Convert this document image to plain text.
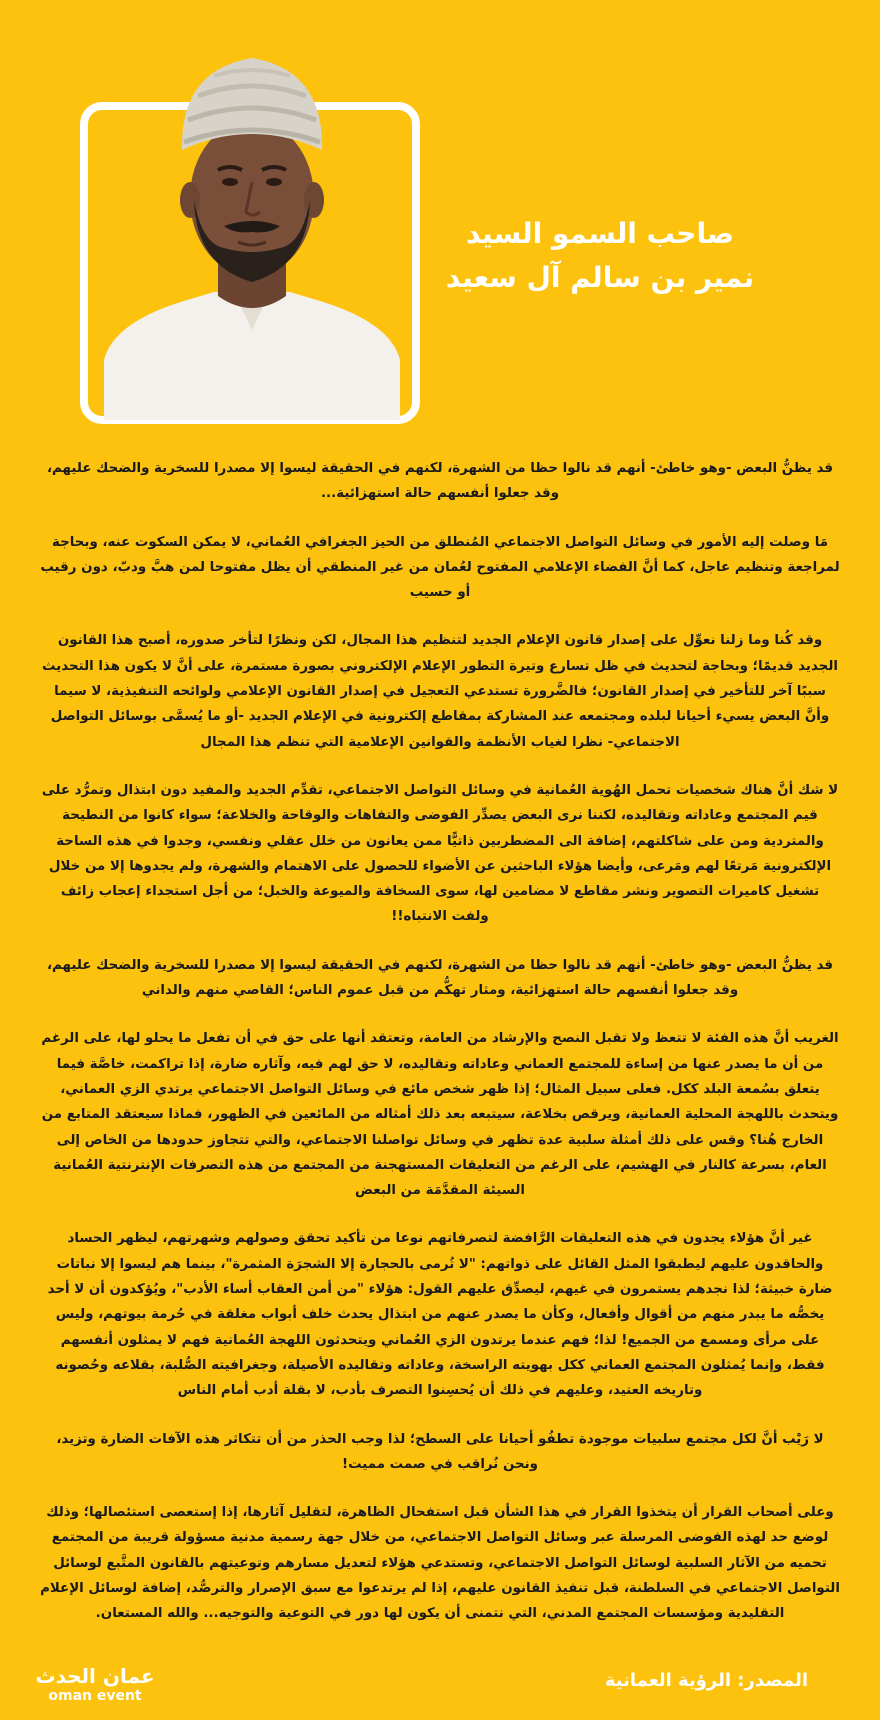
صاحب السمو السيد
نمير بن سالم آل سعيد

قد يظنُّ البعض -وهو خاطئ- أنهم قد نالوا حظا من الشهرة، لكنهم في الحقيقة ليسوا إلا مصدرا للسخرية والضحك عليهم، وقد جعلوا أنفسهم حالة استهزائية...

مَا وصلت إليه الأمور في وسائل التواصل الاجتماعي المُنطلق من الحيز الجغرافي العُماني، لا يمكن السكوت عنه، وبحاجة لمراجعة وتنظيم عاجل، كما أنَّ الفضاء الإعلامي المفتوح لعُمان من غير المنطقي أن يظل مفتوحا لمن هبَّ ودبّ، دون رقيب أو حسيب

وقد كُنا وما زلنا نعوِّل على إصدار قانون الإعلام الجديد لتنظيم هذا المجال، لكن ونظرًا لتأخر صدوره، أصبح هذا القانون الجديد قديمًا؛ وبحاجة لتحديث في ظل تسارع وتيرة التطور الإعلام الإلكتروني بصورة مستمرة، على أنَّ لا يكون هذا التحديث سببًا آخر للتأخير في إصدار القانون؛ فالضَّرورة تستدعي التعجيل في إصدار القانون الإعلامي ولوائحه التنفيذية، لا سيما وأنَّ البعض يسيء أحيانا لبلده ومجتمعه عند المشاركة بمقاطع إلكترونية في الإعلام الجديد -أو ما يُسمَّى بوسائل التواصل الاجتماعي- نظرا لغياب الأنظمة والقوانين الإعلامية التي تنظم هذا المجال

لا شك أنَّ هناك شخصيات تحمل الهُوية العُمانية في وسائل التواصل الاجتماعي، تقدِّم الجديد والمفيد دون ابتذال وتمرُّد على قيم المجتمع وعاداته وتقاليده، لكننا نرى البعض يصدِّر الفوضى والتفاهات والوقاحة والخلاعة؛ سواء كانوا من النطيحة والمتردية ومن على شاكلتهم، إضافة الى المضطربين ذاتيًّا ممن يعانون من خلل عقلي ونفسي، وجدوا في هذه الساحة الإلكترونية مَرتعًا لهم ومَرعى، وأيضا هؤلاء الباحثين عن الأضواء للحصول على الاهتمام والشهرة، ولم يجدوها إلا من خلال تشغيل كاميرات التصوير ونشر مقاطع لا مضامين لها، سوى السخافة والميوعة والخبل؛ من أجل استجداء إعجاب زائف ولفت الانتباه!!

قد يظنُّ البعض -وهو خاطئ- أنهم قد نالوا حظا من الشهرة، لكنهم في الحقيقة ليسوا إلا مصدرا للسخرية والضحك عليهم، وقد جعلوا أنفسهم حالة استهزائية، ومثار تهكُّم من قبل عموم الناس؛ القاصي منهم والداني

الغريب أنَّ هذه الفئة لا تتعظ ولا تقبل النصح والإرشاد من العامة، وتعتقد أنها على حق في أن تفعل ما يحلو لها، على الرغم من أن ما يصدر عنها من إساءة للمجتمع العماني وعاداته وتقاليده، لا حق لهم فيه، وآثاره ضارة، إذا تراكمت، خاصَّة فيما يتعلق بسُمعة البلد ككل. فعلى سبيل المثال؛ إذا ظهر شخص مائع في وسائل التواصل الاجتماعي يرتدي الزي العماني، ويتحدث باللهجة المحلية العمانية، ويرقص بخلاعة، سيتبعه بعد ذلك أمثاله من المائعين في الظهور، فماذا سيعتقد المتابع من الخارج هُنا؟ وقس على ذلك أمثلة سلبية عدة تظهر في وسائل تواصلنا الاجتماعي، والتي تتجاوز حدودها من الخاص إلى العام، بسرعة كالنار في الهشيم، على الرغم من التعليقات المستهجنة من المجتمع من هذه التصرفات الإنترنتية العُمانية السيئة المقدَّمَة من البعض

غير أنَّ هؤلاء يجدون في هذه التعليقات الرَّافضة لتصرفاتهم نوعا من تأكيد تحقق وصولهم وشهرتهم، ليظهر الحساد والحاقدون عليهم ليطبقوا المثل القائل على ذواتهم: "لا تُرمى بالحجارة إلا الشجرَة المثمرة"، بينما هم ليسوا إلا نباتات ضارة خبيثة؛ لذا نجدهم يستمرون في غيهم، ليصدِّق عليهم القول: هؤلاء "من أمن العقاب أساء الأدب"، ويُؤكدون أن لا أحد يخصُّه ما يبدر منهم من أقوال وأفعال، وكأن ما يصدر عنهم من ابتذال يحدث خلف أبواب مغلقة في حُرمة بيوتهم، وليس على مرأى ومسمع من الجميع! لذا؛ فهم عندما يرتدون الزي العُماني ويتحدثون اللهجة العُمانية فهم لا يمثلون أنفسهم فقط، وإنما يُمثلون المجتمع العماني ككل بهويته الراسخة، وعاداته وتقاليده الأصيلة، وجغرافيته الصُّلبة، بقلاعه وحُصونه وتاريخه العتيد، وعليهم في ذلك أن يُحسِنوا التصرف بأدب، لا بقلة أدب أمام الناس

لا رَيْب أنَّ لكل مجتمع سلبيات موجودة تطفُو أحيانا على السطح؛ لذا وجب الحذر من أن تتكاثر هذه الآفات الضارة وتزيد، ونحن نُراقب في صمت مميت!

وعلى أصحاب القرار أن يتخذوا القرار في هذا الشأن قبل استفحال الظاهرة، لتقليل آثارها، إذا إستعصى استئصالها؛ وذلك لوضع حد لهذه الفوضى المرسلة عبر وسائل التواصل الاجتماعي، من خلال جهة رسمية مدنية مسؤولة قريبة من المجتمع تحميه من الآثار السلبية لوسائل التواصل الاجتماعي، وتستدعي هؤلاء لتعديل مسارهم وتوعيتهم بالقانون المتَّبع لوسائل التواصل الاجتماعي في السلطنة، قبل تنفيذ القانون عليهم، إذا لم يرتدعوا مع سبق الإصرار والترصُّد، إضافة لوسائل الإعلام التقليدية ومؤسسات المجتمع المدني، التي نتمنى أن يكون لها دور في التوعية والتوجيه... والله المستعان.

عمان الحدث
oman event
المصدر: الرؤية العمانية
